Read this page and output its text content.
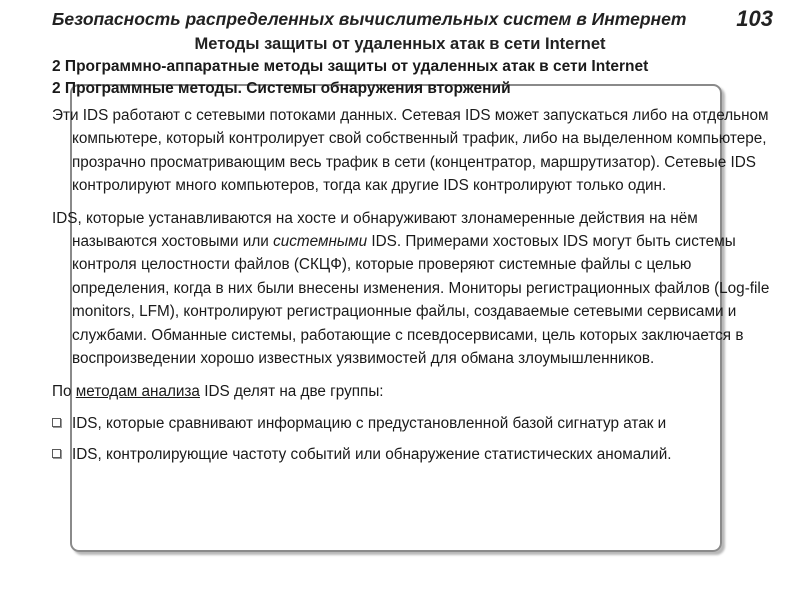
Безопасность распределенных вычислительных систем в Интернет 103
Методы защиты от удаленных атак в сети Internet
2 Программно-аппаратные методы защиты от удаленных атак в сети Internet
2 Программные методы. Системы обнаружения вторжений

Эти IDS работают с сетевыми потоками данных. Сетевая IDS может запускаться либо на отдельном компьютере, который контролирует свой собственный трафик, либо на выделенном компьютере, прозрачно просматривающим весь трафик в сети (концентратор, маршрутизатор). Сетевые IDS контролируют много компьютеров, тогда как другие IDS контролируют только один.

IDS, которые устанавливаются на хосте и обнаруживают злонамеренные действия на нём называются хостовыми или системными IDS. Примерами хостовых IDS могут быть системы контроля целостности файлов (СКЦФ), которые проверяют системные файлы с целью определения, когда в них были внесены изменения. Мониторы регистрационных файлов (Log-file monitors, LFM), контролируют регистрационные файлы, создаваемые сетевыми сервисами и службами. Обманные системы, работающие с псевдосервисами, цель которых заключается в воспроизведении хорошо известных уязвимостей для обмана злоумышленников.

По методам анализа IDS делят на две группы:

IDS, которые сравнивают информацию с предустановленной базой сигнатур атак и
IDS, контролирующие частоту событий или обнаружение статистических аномалий.
